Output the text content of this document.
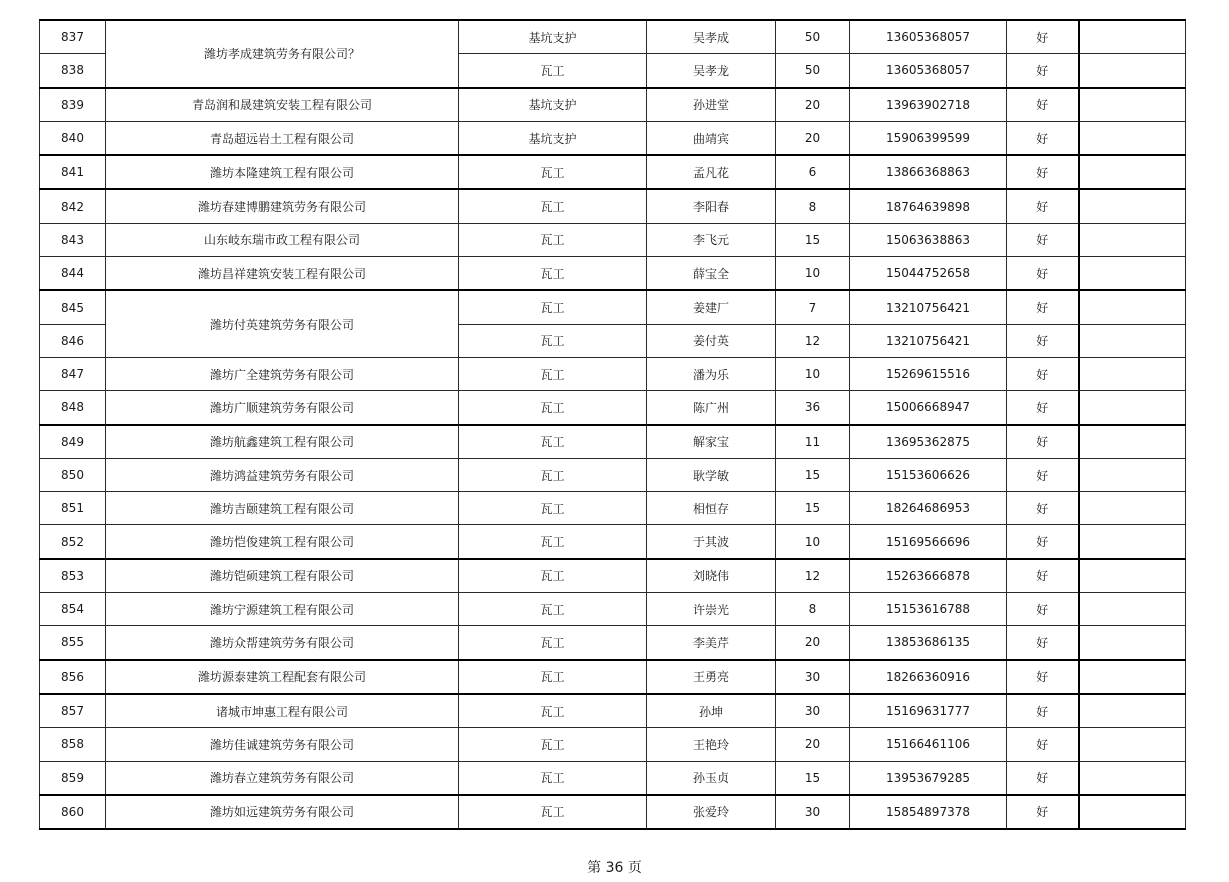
837	潍坊孝成建筑劳务有限公司？	基坑支护	吴孝成	50	13605368057	好	
838		瓦工	吴孝龙	50	13605368057	好	
839	青岛润和晟建筑安装工程有限公司	基坑支护	孙进堂	20	13963902718	好	
840	青岛超远岩土工程有限公司	基坑支护	曲靖宾	20	15906399599	好	
841	潍坊本隆建筑工程有限公司	瓦工	孟凡花	6	13866368863	好	
842	潍坊春建博鹏建筑劳务有限公司	瓦工	李阳春	8	18764639898	好	
843	山东岐东瑞市政工程有限公司	瓦工	李飞元	15	15063638863	好	
844	潍坊昌祥建筑安装工程有限公司	瓦工	薛宝全	10	15044752658	好	
845	潍坊付英建筑劳务有限公司	瓦工	姜建厂	7	13210756421	好	
846		瓦工	姜付英	12	13210756421	好	
847	潍坊广全建筑劳务有限公司	瓦工	潘为乐	10	15269615516	好	
848	潍坊广顺建筑劳务有限公司	瓦工	陈广州	36	15006668947	好	
849	潍坊航鑫建筑工程有限公司	瓦工	解家宝	11	13695362875	好	
850	潍坊鸿益建筑劳务有限公司	瓦工	耿学敏	15	15153606626	好	
851	潍坊吉颐建筑工程有限公司	瓦工	相恒存	15	18264686953	好	
852	潍坊恺俊建筑工程有限公司	瓦工	于其波	10	15169566696	好	
853	潍坊铠硕建筑工程有限公司	瓦工	刘晓伟	12	15263666878	好	
854	潍坊宁源建筑工程有限公司	瓦工	许崇光	8	15153616788	好	
855	潍坊众帮建筑劳务有限公司	瓦工	李美芹	20	13853686135	好	
856	潍坊源泰建筑工程配套有限公司	瓦工	王勇亮	30	18266360916	好	
857	诸城市坤惠工程有限公司	瓦工	孙坤	30	15169631777	好	
858	潍坊佳诚建筑劳务有限公司	瓦工	王艳玲	20	15166461106	好	
859	潍坊春立建筑劳务有限公司	瓦工	孙玉贞	15	13953679285	好	
860	潍坊如远建筑劳务有限公司	瓦工	张爱玲	30	15854897378	好	
第 36 页
